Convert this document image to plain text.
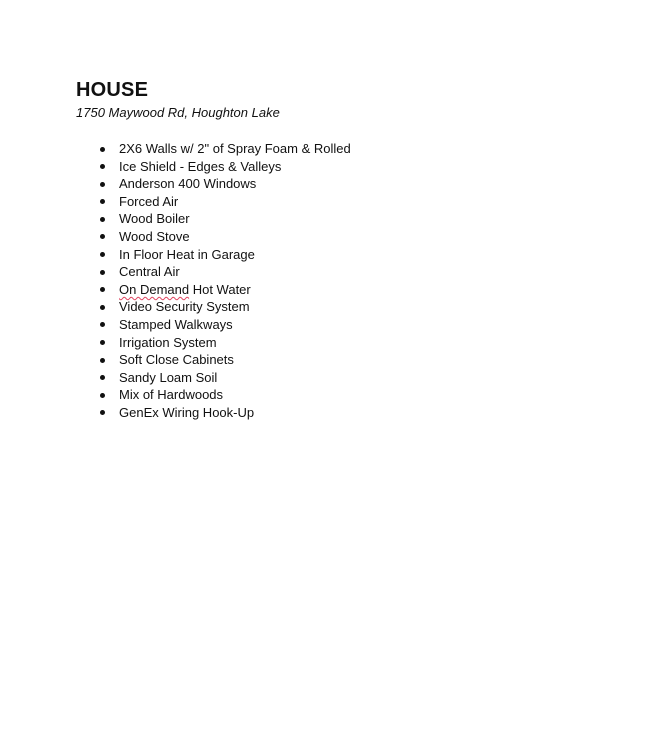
HOUSE

1750 Maywood Rd, Houghton Lake

2X6 Walls w/ 2" of Spray Foam & Rolled
Ice Shield - Edges & Valleys
Anderson 400 Windows
Forced Air
Wood Boiler
Wood Stove
In Floor Heat in Garage
Central Air
On Demand Hot Water
Video Security System
Stamped Walkways
Irrigation System
Soft Close Cabinets
Sandy Loam Soil
Mix of Hardwoods
GenEx Wiring Hook-Up
